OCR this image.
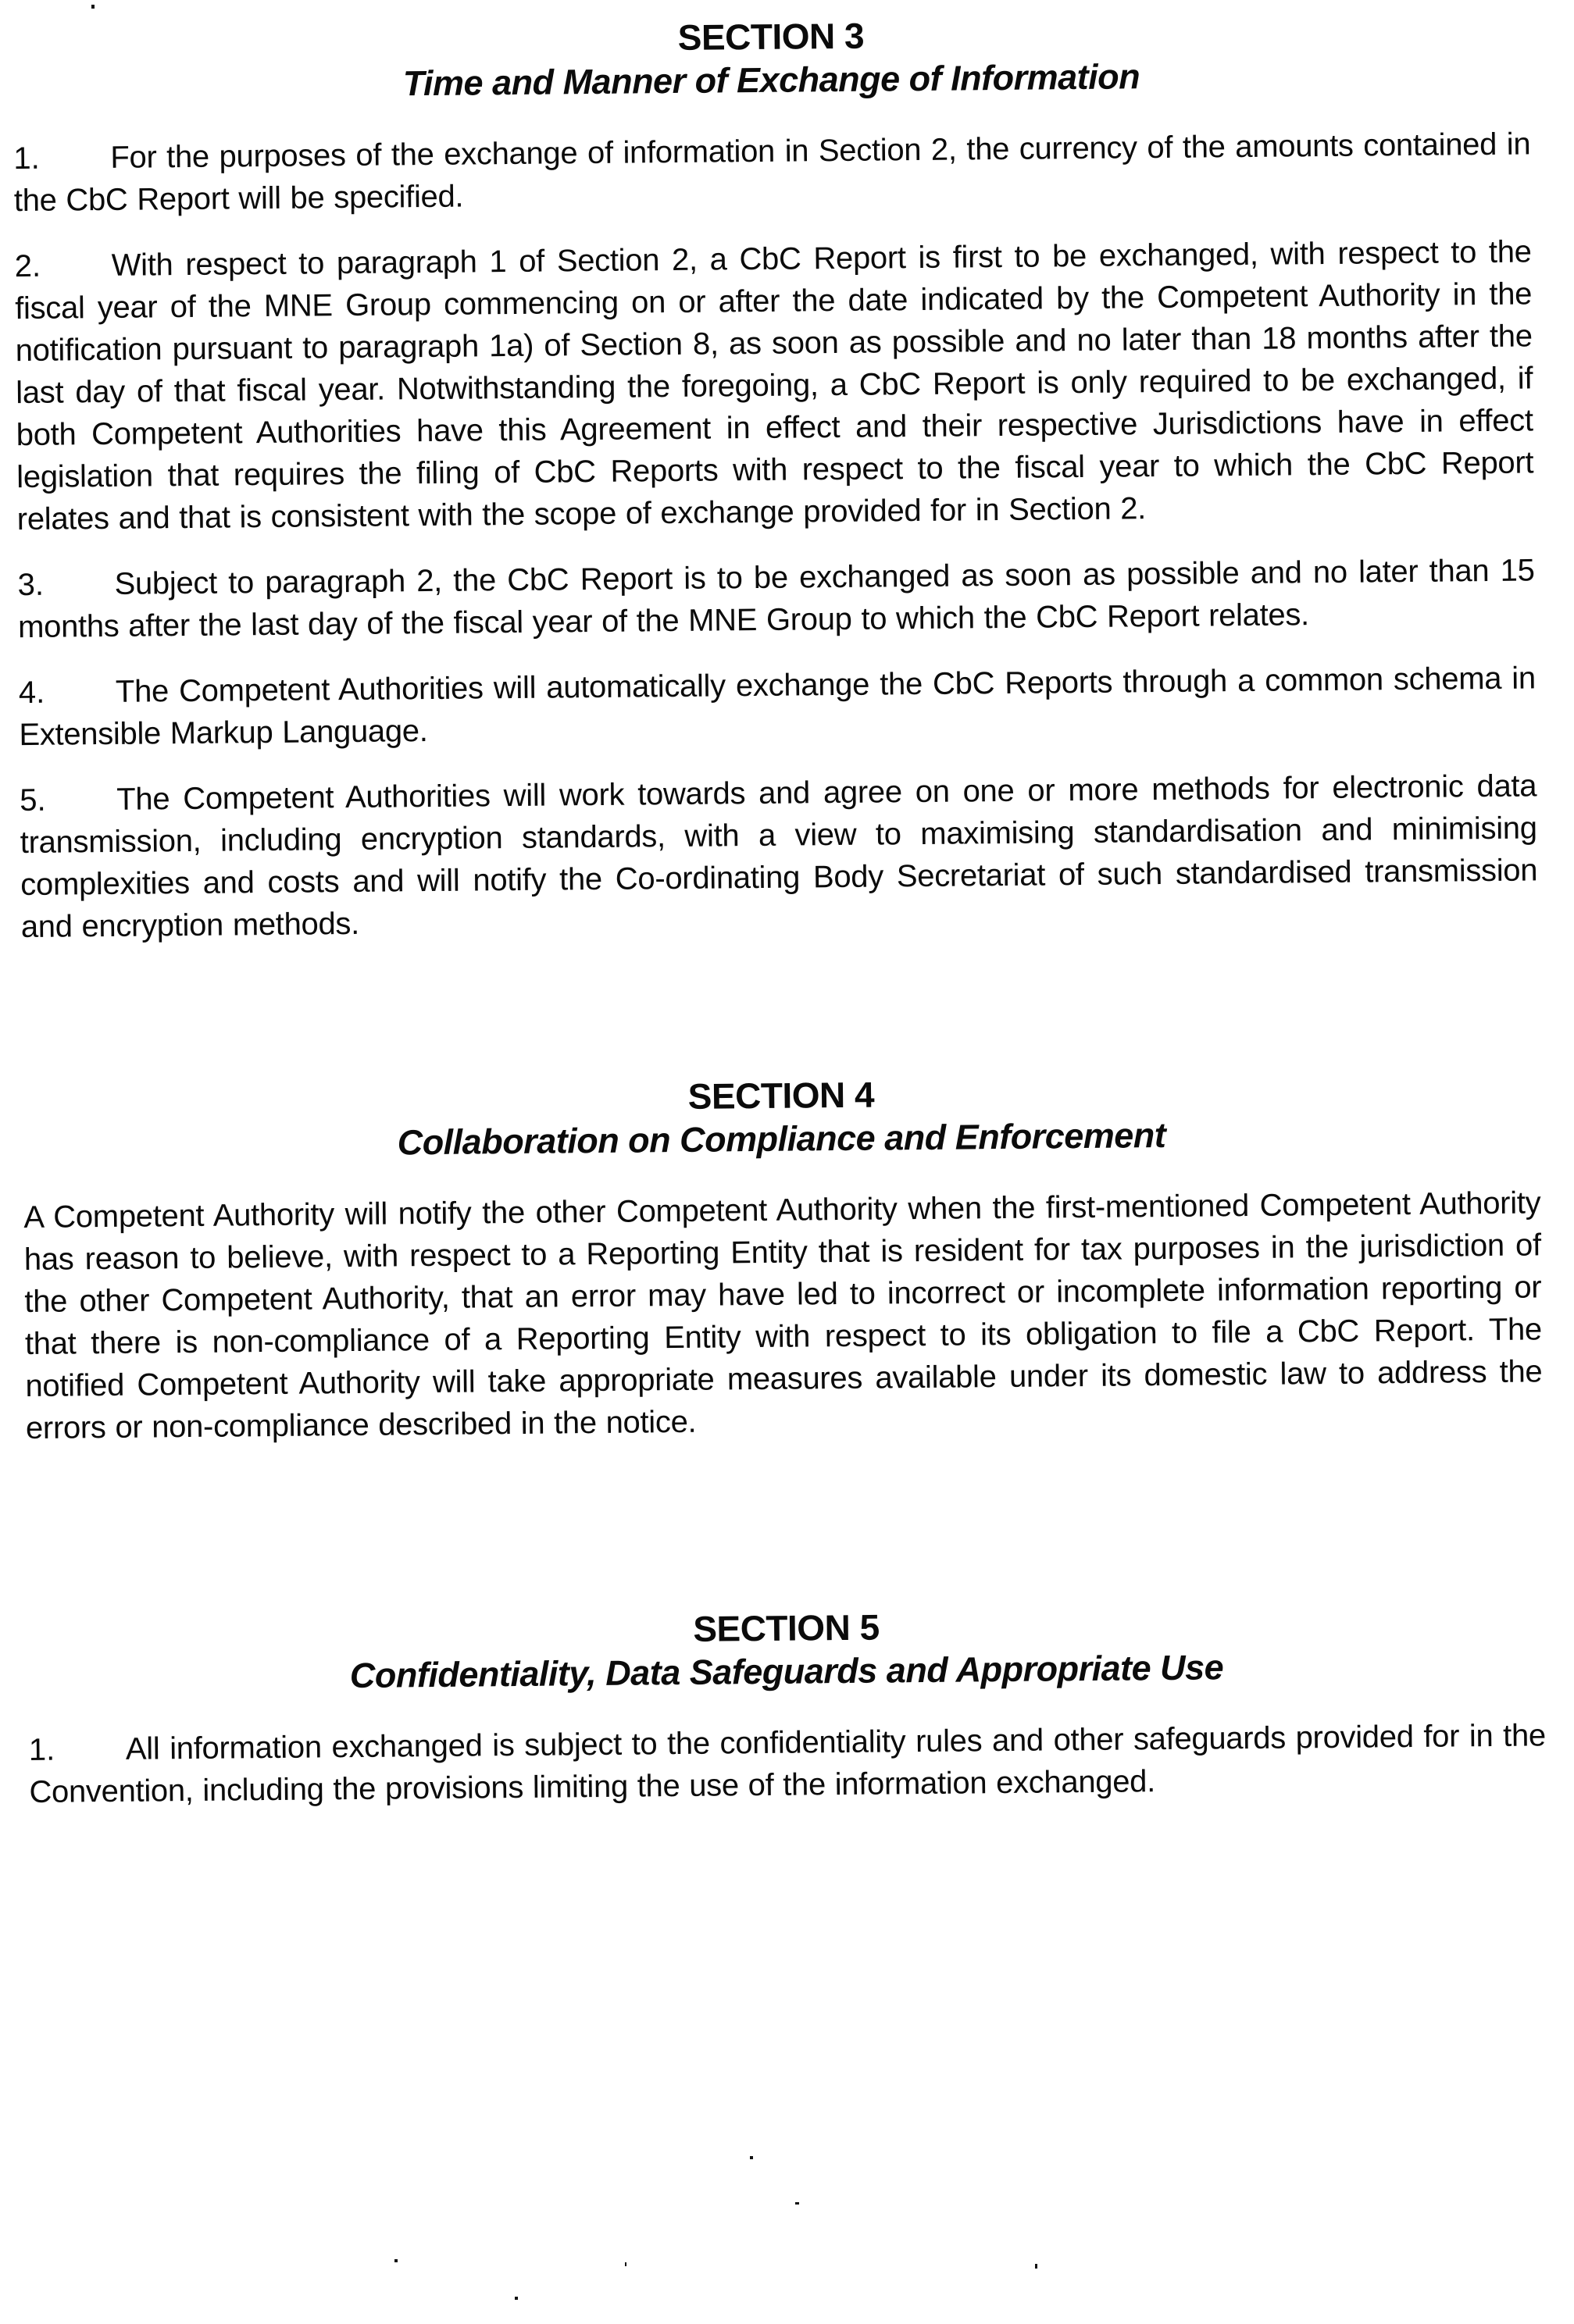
SECTION 3
Time and Manner of Exchange of Information

1. For the purposes of the exchange of information in Section 2, the currency of the amounts contained in the CbC Report will be specified.

2. With respect to paragraph 1 of Section 2, a CbC Report is first to be exchanged, with respect to the fiscal year of the MNE Group commencing on or after the date indicated by the Competent Authority in the notification pursuant to paragraph 1a) of Section 8, as soon as possible and no later than 18 months after the last day of that fiscal year. Notwithstanding the foregoing, a CbC Report is only required to be exchanged, if both Competent Authorities have this Agreement in effect and their respective Jurisdictions have in effect legislation that requires the filing of CbC Reports with respect to the fiscal year to which the CbC Report relates and that is consistent with the scope of exchange provided for in Section 2.

3. Subject to paragraph 2, the CbC Report is to be exchanged as soon as possible and no later than 15 months after the last day of the fiscal year of the MNE Group to which the CbC Report relates.

4. The Competent Authorities will automatically exchange the CbC Reports through a common schema in Extensible Markup Language.

5. The Competent Authorities will work towards and agree on one or more methods for electronic data transmission, including encryption standards, with a view to maximising standardisation and minimising complexities and costs and will notify the Co-ordinating Body Secretariat of such standardised transmission and encryption methods.

SECTION 4
Collaboration on Compliance and Enforcement

A Competent Authority will notify the other Competent Authority when the first-mentioned Competent Authority has reason to believe, with respect to a Reporting Entity that is resident for tax purposes in the jurisdiction of the other Competent Authority, that an error may have led to incorrect or incomplete information reporting or that there is non-compliance of a Reporting Entity with respect to its obligation to file a CbC Report. The notified Competent Authority will take appropriate measures available under its domestic law to address the errors or non-compliance described in the notice.

SECTION 5
Confidentiality, Data Safeguards and Appropriate Use

1. All information exchanged is subject to the confidentiality rules and other safeguards provided for in the Convention, including the provisions limiting the use of the information exchanged.
